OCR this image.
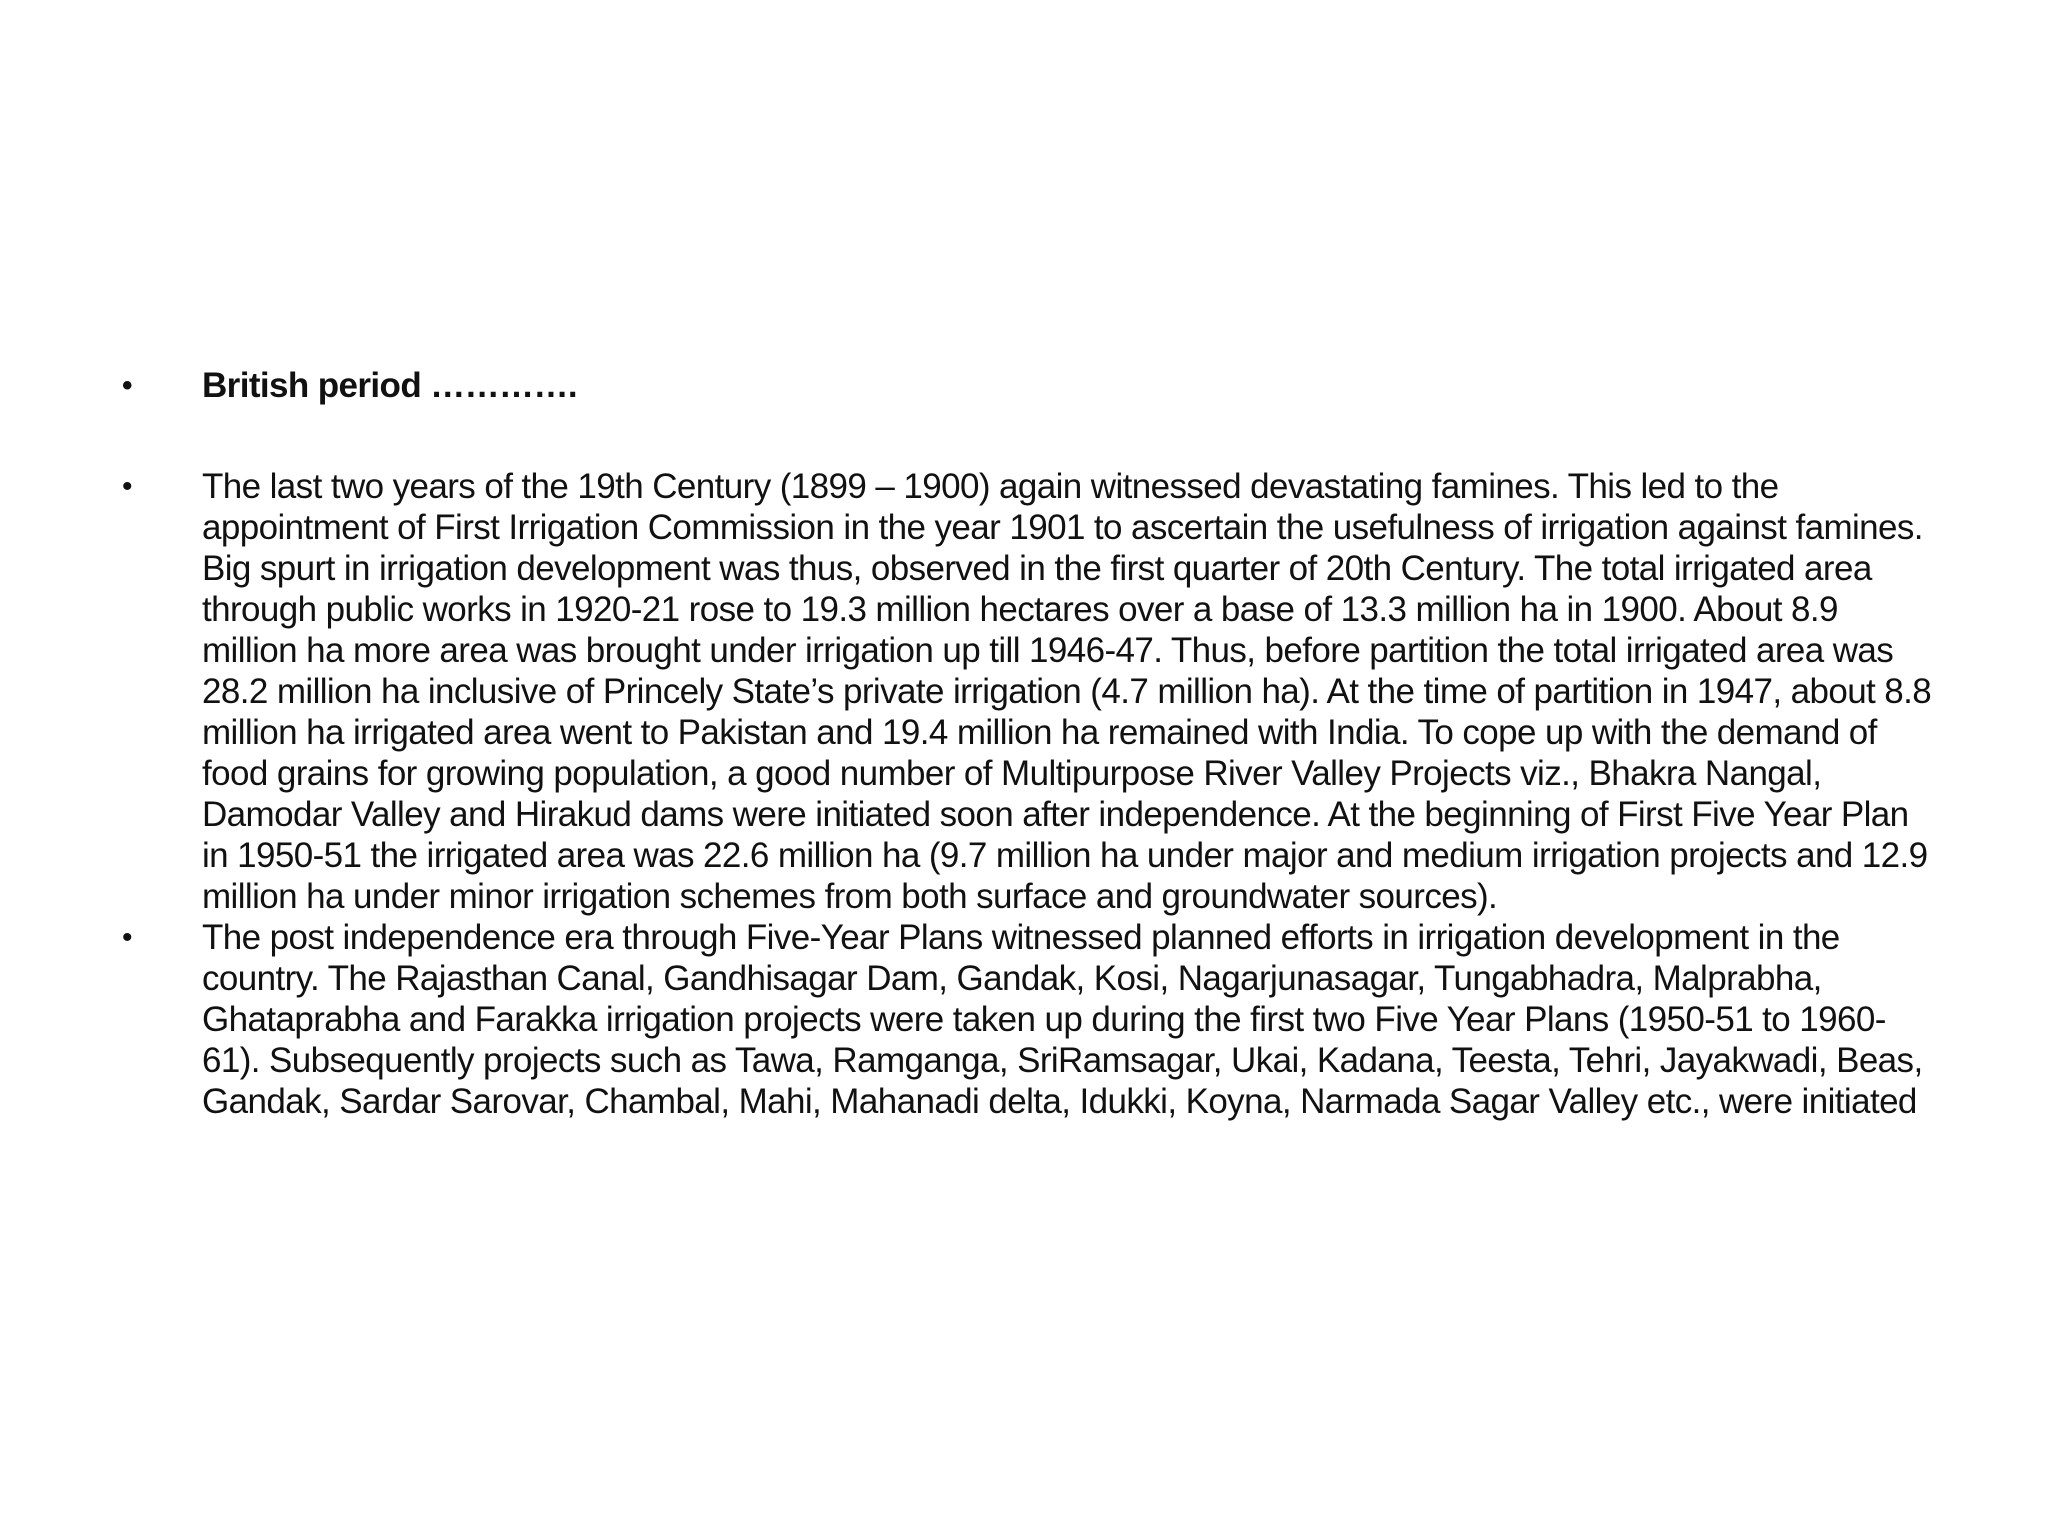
• British period ………….
• The last two years of the 19th Century (1899 – 1900) again witnessed devastating famines. This led to the appointment of First Irrigation Commission in the year 1901 to ascertain the usefulness of irrigation against famines. Big spurt in irrigation development was thus, observed in the first quarter of 20th Century. The total irrigated area through public works in 1920-21 rose to 19.3 million hectares over a base of 13.3 million ha in 1900. About 8.9 million ha more area was brought under irrigation up till 1946-47. Thus, before partition the total irrigated area was 28.2 million ha inclusive of Princely State’s private irrigation (4.7 million ha). At the time of partition in 1947, about 8.8 million ha irrigated area went to Pakistan and 19.4 million ha remained with India. To cope up with the demand of food grains for growing population, a good number of Multipurpose River Valley Projects viz., Bhakra Nangal, Damodar Valley and Hirakud dams were initiated soon after independence. At the beginning of First Five Year Plan in 1950-51 the irrigated area was 22.6 million ha (9.7 million ha under major and medium irrigation projects and 12.9 million ha under minor irrigation schemes from both surface and groundwater sources).
• The post independence era through Five-Year Plans witnessed planned efforts in irrigation development in the country. The Rajasthan Canal, Gandhisagar Dam, Gandak, Kosi, Nagarjunasagar, Tungabhadra, Malprabha, Ghataprabha and Farakka irrigation projects were taken up during the first two Five Year Plans (1950-51 to 1960-61). Subsequently projects such as Tawa, Ramganga, SriRamsagar, Ukai, Kadana, Teesta, Tehri, Jayakwadi, Beas, Gandak, Sardar Sarovar, Chambal, Mahi, Mahanadi delta, Idukki, Koyna, Narmada Sagar Valley etc., were initiated
